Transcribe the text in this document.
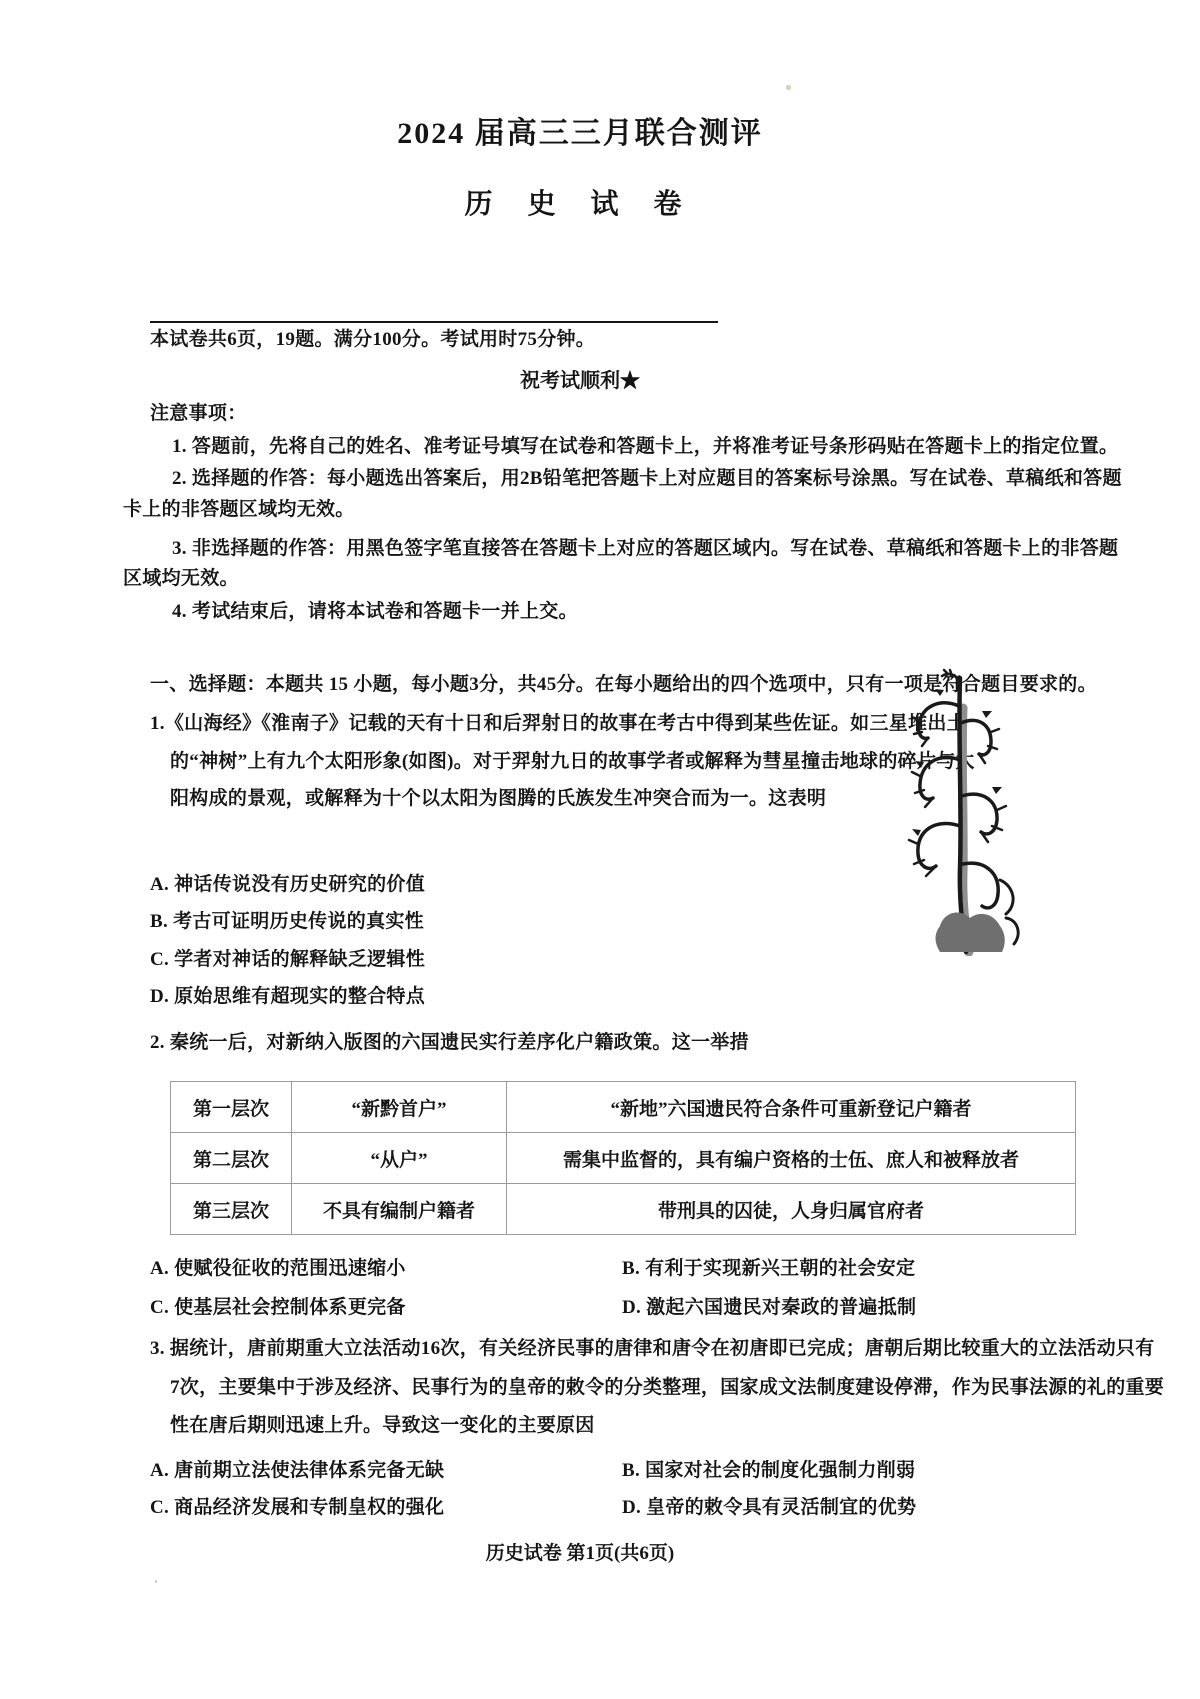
2024 届高三三月联合测评
历 史 试 卷
本试卷共6页，19题。满分100分。考试用时75分钟。
祝考试顺利★
注意事项：
1. 答题前，先将自己的姓名、准考证号填写在试卷和答题卡上，并将准考证号条形码贴在答题卡上的指定位置。
2. 选择题的作答：每小题选出答案后，用2B铅笔把答题卡上对应题目的答案标号涂黑。写在试卷、草稿纸和答题
卡上的非答题区域均无效。
3. 非选择题的作答：用黑色签字笔直接答在答题卡上对应的答题区域内。写在试卷、草稿纸和答题卡上的非答题
区域均无效。
4. 考试结束后，请将本试卷和答题卡一并上交。
一、选择题：本题共 15 小题，每小题3分，共45分。在每小题给出的四个选项中，只有一项是符合题目要求的。
1.《山海经》《淮南子》记载的天有十日和后羿射日的故事在考古中得到某些佐证。如三星堆出土
的“神树”上有九个太阳形象(如图)。对于羿射九日的故事学者或解释为彗星撞击地球的碎片与太
阳构成的景观，或解释为十个以太阳为图腾的氏族发生冲突合而为一。这表明
A. 神话传说没有历史研究的价值
B. 考古可证明历史传说的真实性
C. 学者对神话的解释缺乏逻辑性
D. 原始思维有超现实的整合特点
2. 秦统一后，对新纳入版图的六国遗民实行差序化户籍政策。这一举措
第一层次	“新黔首户”	“新地”六国遗民符合条件可重新登记户籍者
第二层次	“从户”	需集中监督的，具有编户资格的士伍、庶人和被释放者
第三层次	不具有编制户籍者	带刑具的囚徒，人身归属官府者
A. 使赋役征收的范围迅速缩小	B. 有利于实现新兴王朝的社会安定
C. 使基层社会控制体系更完备	D. 激起六国遗民对秦政的普遍抵制
3. 据统计，唐前期重大立法活动16次，有关经济民事的唐律和唐令在初唐即已完成；唐朝后期比较重大的立法活动只有
7次，主要集中于涉及经济、民事行为的皇帝的敕令的分类整理，国家成文法制度建设停滞，作为民事法源的礼的重要
性在唐后期则迅速上升。导致这一变化的主要原因
A. 唐前期立法使法律体系完备无缺	B. 国家对社会的制度化强制力削弱
C. 商品经济发展和专制皇权的强化	D. 皇帝的敕令具有灵活制宜的优势
历史试卷 第1页(共6页)
